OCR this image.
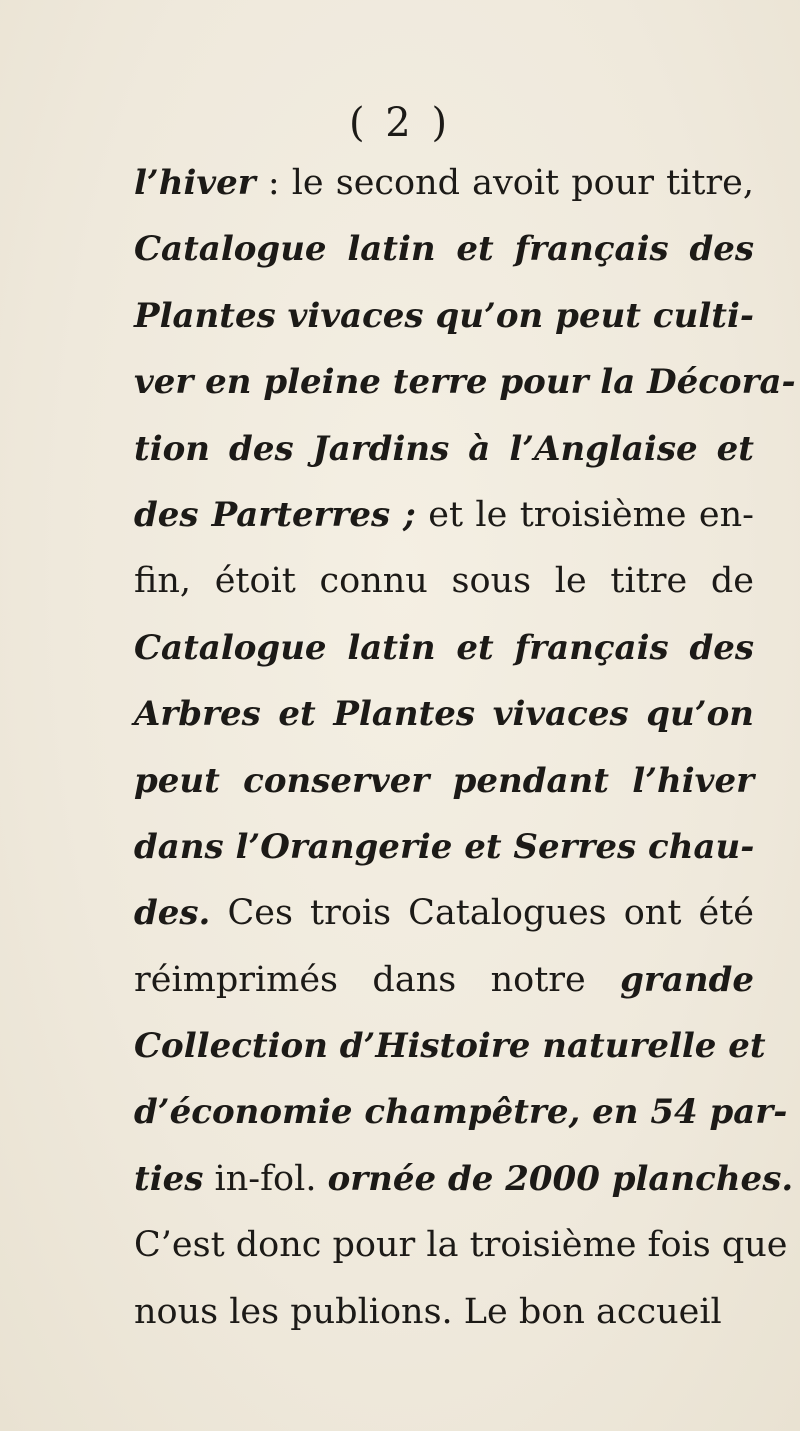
( 2 )
l’hiver : le second avoit pour titre,
Catalogue latin et français des
Plantes vivaces qu’on peut culti-
ver en pleine terre pour la Décora-
tion des Jardins à l’Anglaise et
des Parterres ; et le troisième en-
fin, étoit connu sous le titre de
Catalogue latin et français des
Arbres et Plantes vivaces qu’on
peut conserver pendant l’hiver
dans l’Orangerie et Serres chau-
des. Ces trois Catalogues ont été
réimprimés dans notre grande
Collection d’Histoire naturelle et
d’économie champêtre, en 54 par-
ties in-fol. ornée de 2000 planches.
C’est donc pour la troisième fois que
nous les publions. Le bon accueil
